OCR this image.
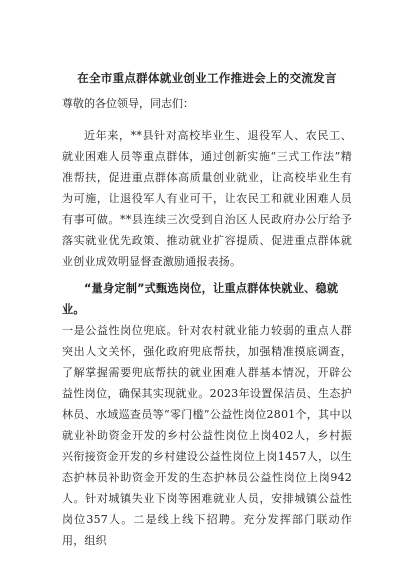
在全市重点群体就业创业工作推进会上的交流发言

尊敬的各位领导，同志们：

近年来，**县针对高校毕业生、退役军人、农民工、就业困难人员等重点群体，通过创新实施“三式工作法”精准帮扶，促进重点群体高质量创业就业，让高校毕业生有为可施，让退役军人有业可干，让农民工和就业困难人员有事可做。**县连续三次受到自治区人民政府办公厅给予落实就业优先政策、推动就业扩容提质、促进重点群体就业创业成效明显督查激励通报表扬。

“量身定制”式甄选岗位，让重点群体快就业、稳就业。

一是公益性岗位兜底。针对农村就业能力较弱的重点人群突出人文关怀，强化政府兜底帮扶，加强精准摸底调查，了解掌握需要兜底帮扶的就业困难人群基本情况，开辟公益性岗位，确保其实现就业。2023年设置保洁员、生态护林员、水域巡查员等“零门槛”公益性岗位2801个，其中以就业补助资金开发的乡村公益性岗位上岗402人，乡村振兴衔接资金开发的乡村建设公益性岗位上岗1457人，以生态护林员补助资金开发的生态护林员公益性岗位上岗942人。针对城镇失业下岗等困难就业人员，安排城镇公益性岗位357人。二是线上线下招聘。充分发挥部门联动作用，组织
